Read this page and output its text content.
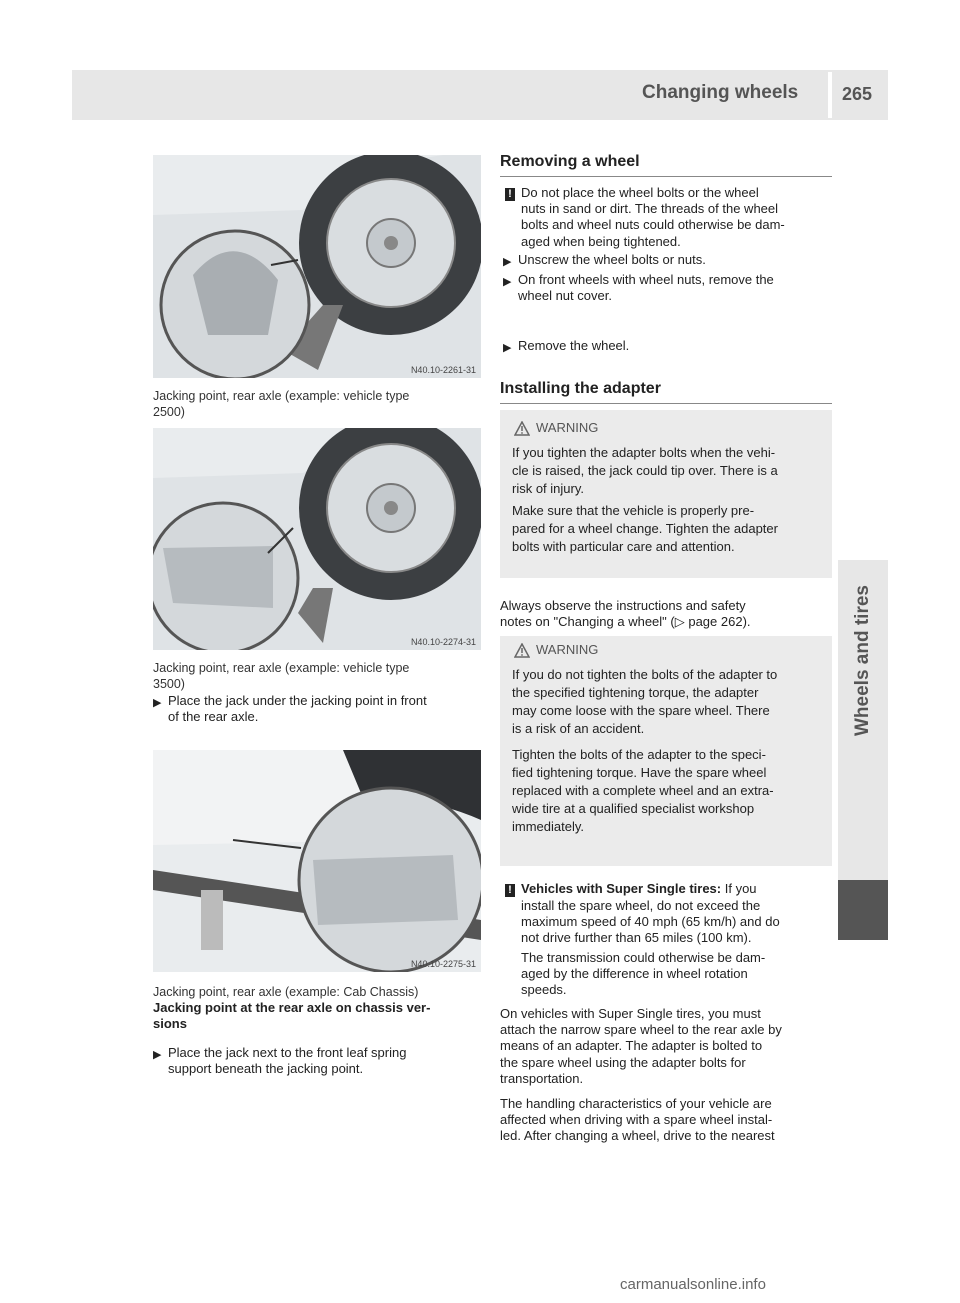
Changing wheels 265
N40.10-2261-31
Jacking point, rear axle (example: vehicle type
2500)
N40.10-2274-31
Jacking point, rear axle (example: vehicle type
3500)
▶ Place the jack under the jacking point in front
of the rear axle.
N40.10-2275-31
Jacking point, rear axle (example: Cab Chassis)
Jacking point at the rear axle on chassis ver-
sions
▶ Place the jack next to the front leaf spring
support beneath the jacking point.
Removing a wheel
! Do not place the wheel bolts or the wheel
nuts in sand or dirt. The threads of the wheel
bolts and wheel nuts could otherwise be dam-
aged when being tightened.
▶ Unscrew the wheel bolts or nuts.
▶ On front wheels with wheel nuts, remove the
wheel nut cover.
▶ Remove the wheel.
Installing the adapter
WARNING
If you tighten the adapter bolts when the vehi-
cle is raised, the jack could tip over. There is a
risk of injury.
Make sure that the vehicle is properly pre-
pared for a wheel change. Tighten the adapter
bolts with particular care and attention.
Always observe the instructions and safety
notes on "Changing a wheel" (▷ page 262).
WARNING
If you do not tighten the bolts of the adapter to
the specified tightening torque, the adapter
may come loose with the spare wheel. There
is a risk of an accident.
Tighten the bolts of the adapter to the speci-
fied tightening torque. Have the spare wheel
replaced with a complete wheel and an extra-
wide tire at a qualified specialist workshop
immediately.
! Vehicles with Super Single tires: If you
install the spare wheel, do not exceed the
maximum speed of 40 mph (65 km/h) and do
not drive further than 65 miles (100 km).
The transmission could otherwise be dam-
aged by the difference in wheel rotation
speeds.
On vehicles with Super Single tires, you must
attach the narrow spare wheel to the rear axle by
means of an adapter. The adapter is bolted to
the spare wheel using the adapter bolts for
transportation.
The handling characteristics of your vehicle are
affected when driving with a spare wheel instal-
led. After changing a wheel, drive to the nearest
carmanualsonline.info
